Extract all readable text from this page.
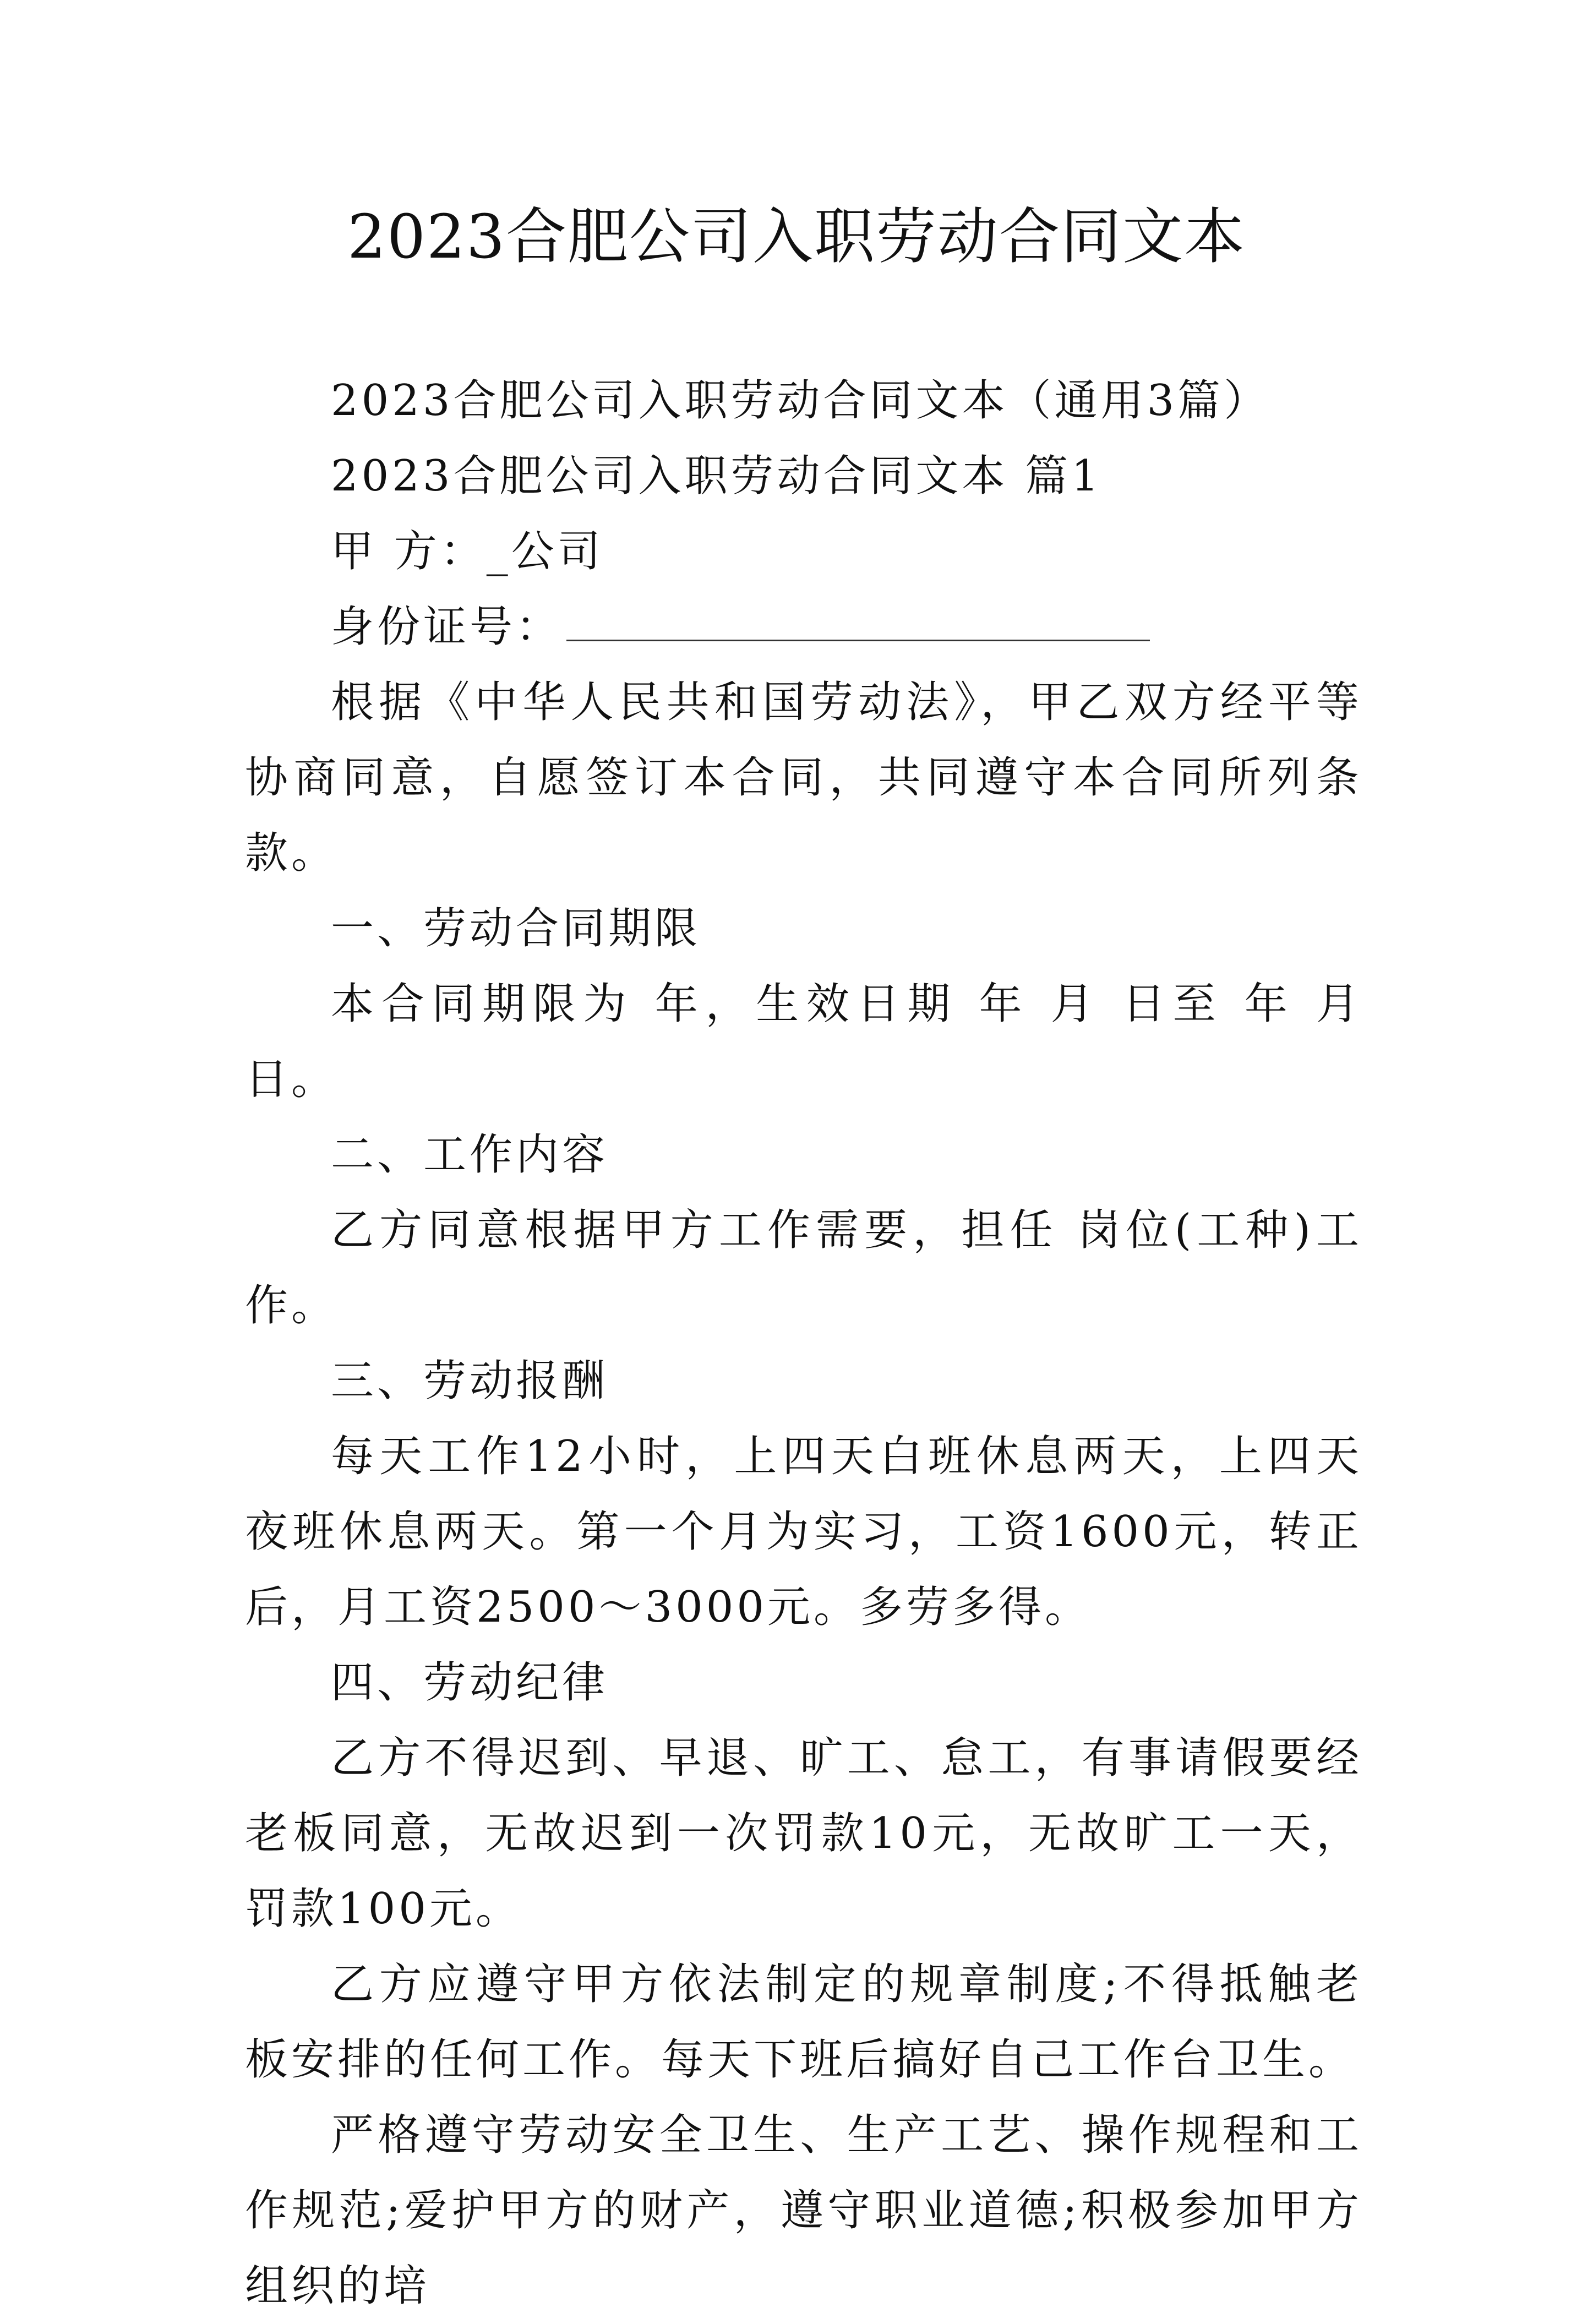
2023合肥公司入职劳动合同文本

2023合肥公司入职劳动合同文本（通用3篇）

2023合肥公司入职劳动合同文本 篇1

甲 方：_公司

身份证号：

根据《中华人民共和国劳动法》，甲乙双方经平等协商同意，自愿签订本合同，共同遵守本合同所列条款。

一、劳动合同期限

本合同期限为 年，生效日期 年 月 日至 年 月 日。

二、工作内容

乙方同意根据甲方工作需要，担任 岗位(工种)工作。

三、劳动报酬

每天工作12小时，上四天白班休息两天，上四天夜班休息两天。第一个月为实习，工资1600元，转正后，月工资2500～3000元。多劳多得。

四、劳动纪律

乙方不得迟到、早退、旷工、怠工，有事请假要经老板同意，无故迟到一次罚款10元，无故旷工一天，罚款100元。

乙方应遵守甲方依法制定的规章制度;不得抵触老板安排的任何工作。每天下班后搞好自己工作台卫生。

严格遵守劳动安全卫生、生产工艺、操作规程和工作规范;爱护甲方的财产，遵守职业道德;积极参加甲方组织的培
